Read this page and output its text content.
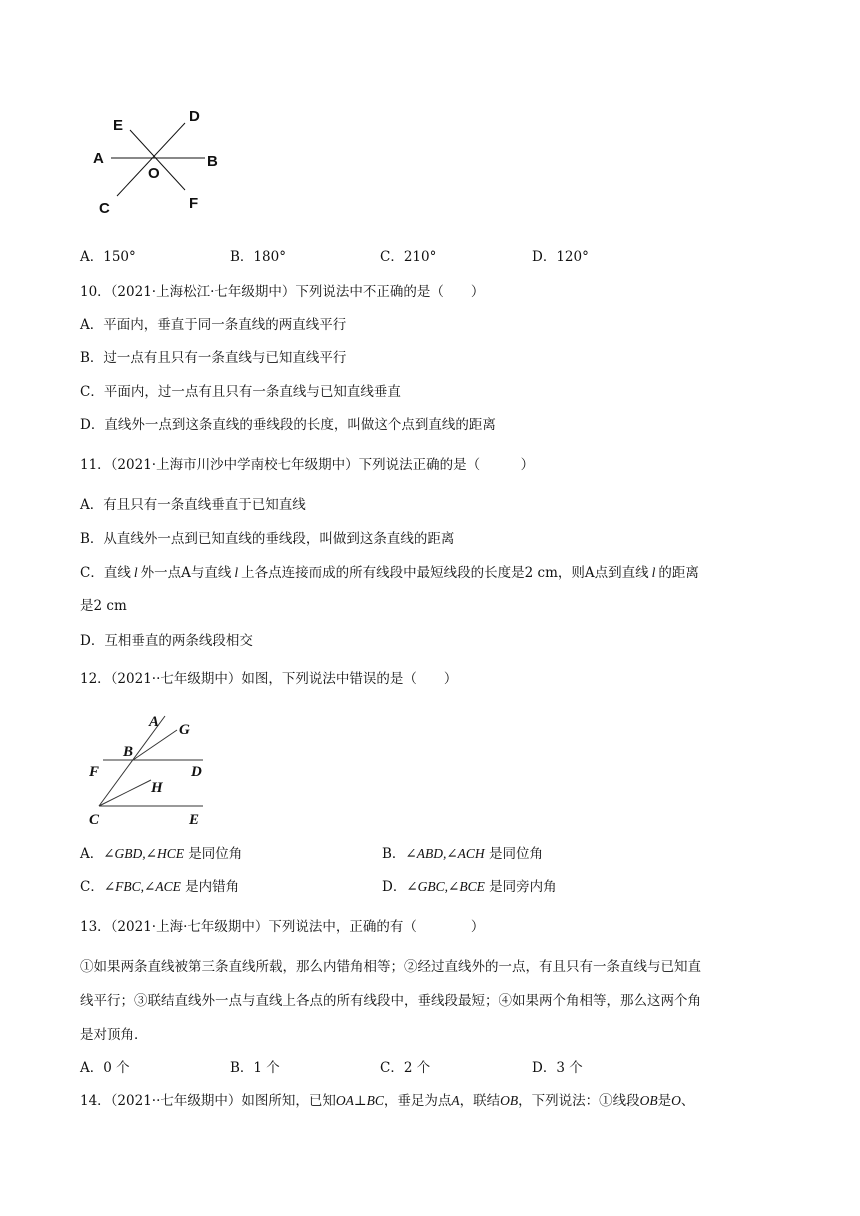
E
D
A
O
B
C	F
A．150°	B．180°	C．210°	D．120°
10．（2021·上海松江·七年级期中）下列说法中不正确的是（　　）
A．平面内，垂直于同一条直线的两直线平行
B．过一点有且只有一条直线与已知直线平行
C．平面内，过一点有且只有一条直线与已知直线垂直
D．直线外一点到这条直线的垂线段的长度，叫做这个点到直线的距离
11．（2021·上海市川沙中学南校七年级期中）下列说法正确的是（　　　）
A．有且只有一条直线垂直于已知直线
B．从直线外一点到已知直线的垂线段，叫做到这条直线的距离
C．直线 l 外一点A与直线 l 上各点连接而成的所有线段中最短线段的长度是2 cm，则A点到直线 l 的距离
是2 cm
D．互相垂直的两条线段相交
12．（2021··七年级期中）如图，下列说法中错误的是（　　）
A G
B
F	D
H
C	E
A．∠GBD,∠HCE 是同位角	B．∠ABD,∠ACH 是同位角
C．∠FBC,∠ACE 是内错角	D．∠GBC,∠BCE 是同旁内角
13．（2021·上海·七年级期中）下列说法中，正确的有（　　　　）
①如果两条直线被第三条直线所载，那么内错角相等；②经过直线外的一点，有且只有一条直线与已知直
线平行；③联结直线外一点与直线上各点的所有线段中，垂线段最短；④如果两个角相等，那么这两个角
是对顶角．
A．0 个	B．1 个	C．2 个	D．3 个
14．（2021··七年级期中）如图所知，已知OA⊥BC，垂足为点A，联结OB，下列说法：①线段OB是O、
